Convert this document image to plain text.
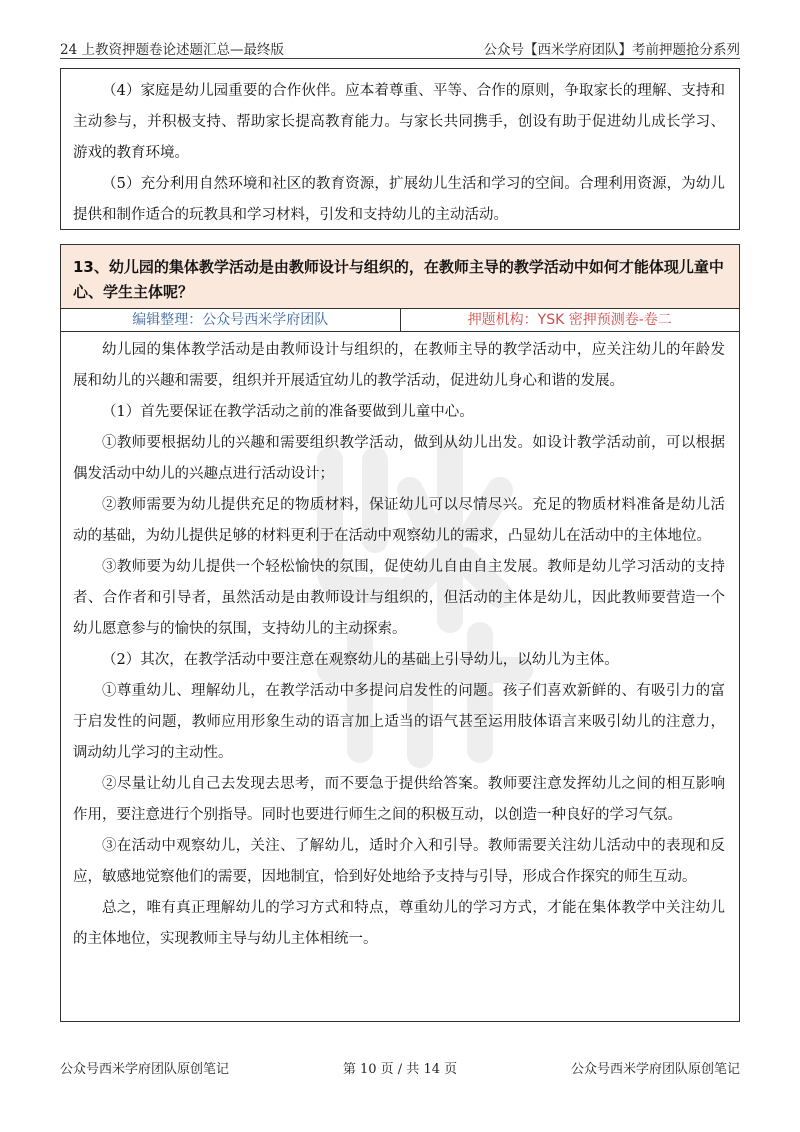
24 上教资押题卷论述题汇总—最终版	公众号【西米学府团队】考前押题抢分系列

（4）家庭是幼儿园重要的合作伙伴。应本着尊重、平等、合作的原则，争取家长的理解、支持和主动参与，并积极支持、帮助家长提高教育能力。与家长共同携手，创设有助于促进幼儿成长学习、游戏的教育环境。

（5）充分利用自然环境和社区的教育资源，扩展幼儿生活和学习的空间。合理利用资源，为幼儿提供和制作适合的玩教具和学习材料，引发和支持幼儿的主动活动。

13、幼儿园的集体教学活动是由教师设计与组织的，在教师主导的教学活动中如何才能体现儿童中心、学生主体呢？
编辑整理：公众号西米学府团队	押题机构：YSK 密押预测卷-卷二

幼儿园的集体教学活动是由教师设计与组织的，在教师主导的教学活动中，应关注幼儿的年龄发展和幼儿的兴趣和需要，组织并开展适宜幼儿的教学活动，促进幼儿身心和谐的发展。

（1）首先要保证在教学活动之前的准备要做到儿童中心。

①教师要根据幼儿的兴趣和需要组织教学活动，做到从幼儿出发。如设计教学活动前，可以根据偶发活动中幼儿的兴趣点进行活动设计；

②教师需要为幼儿提供充足的物质材料，保证幼儿可以尽情尽兴。充足的物质材料准备是幼儿活动的基础，为幼儿提供足够的材料更利于在活动中观察幼儿的需求，凸显幼儿在活动中的主体地位。

③教师要为幼儿提供一个轻松愉快的氛围，促使幼儿自由自主发展。教师是幼儿学习活动的支持者、合作者和引导者，虽然活动是由教师设计与组织的，但活动的主体是幼儿，因此教师要营造一个幼儿愿意参与的愉快的氛围，支持幼儿的主动探索。

（2）其次，在教学活动中要注意在观察幼儿的基础上引导幼儿，以幼儿为主体。

①尊重幼儿、理解幼儿，在教学活动中多提问启发性的问题。孩子们喜欢新鲜的、有吸引力的富于启发性的问题，教师应用形象生动的语言加上适当的语气甚至运用肢体语言来吸引幼儿的注意力，调动幼儿学习的主动性。

②尽量让幼儿自己去发现去思考，而不要急于提供给答案。教师要注意发挥幼儿之间的相互影响作用，要注意进行个别指导。同时也要进行师生之间的积极互动，以创造一种良好的学习气氛。

③在活动中观察幼儿，关注、了解幼儿，适时介入和引导。教师需要关注幼儿活动中的表现和反应，敏感地觉察他们的需要，因地制宜，恰到好处地给予支持与引导，形成合作探究的师生互动。

总之，唯有真正理解幼儿的学习方式和特点，尊重幼儿的学习方式，才能在集体教学中关注幼儿的主体地位，实现教师主导与幼儿主体相统一。

公众号西米学府团队原创笔记	第 10 页 / 共 14 页	公众号西米学府团队原创笔记
